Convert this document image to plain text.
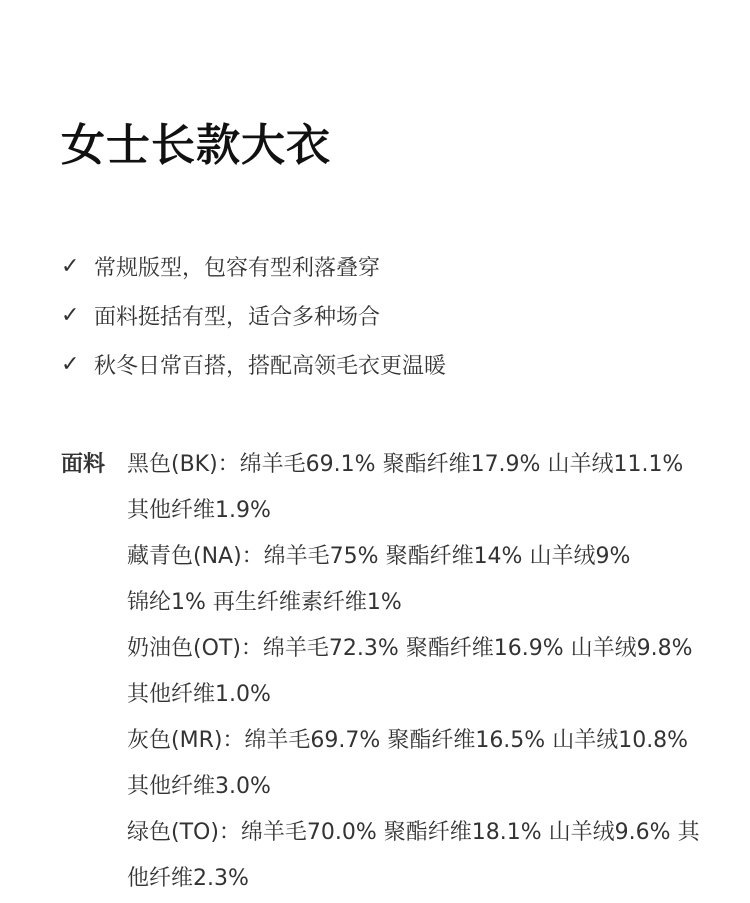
女士长款大衣
✓ 常规版型，包容有型利落叠穿
✓ 面料挺括有型，适合多种场合
✓ 秋冬日常百搭，搭配高领毛衣更温暖
面料 黑色(BK)：绵羊毛69.1% 聚酯纤维17.9% 山羊绒11.1%
其他纤维1.9%
藏青色(NA)：绵羊毛75% 聚酯纤维14% 山羊绒9%
锦纶1% 再生纤维素纤维1%
奶油色(OT)：绵羊毛72.3% 聚酯纤维16.9% 山羊绒9.8%
其他纤维1.0%
灰色(MR)：绵羊毛69.7% 聚酯纤维16.5% 山羊绒10.8%
其他纤维3.0%
绿色(TO)：绵羊毛70.0% 聚酯纤维18.1% 山羊绒9.6% 其
他纤维2.3%
